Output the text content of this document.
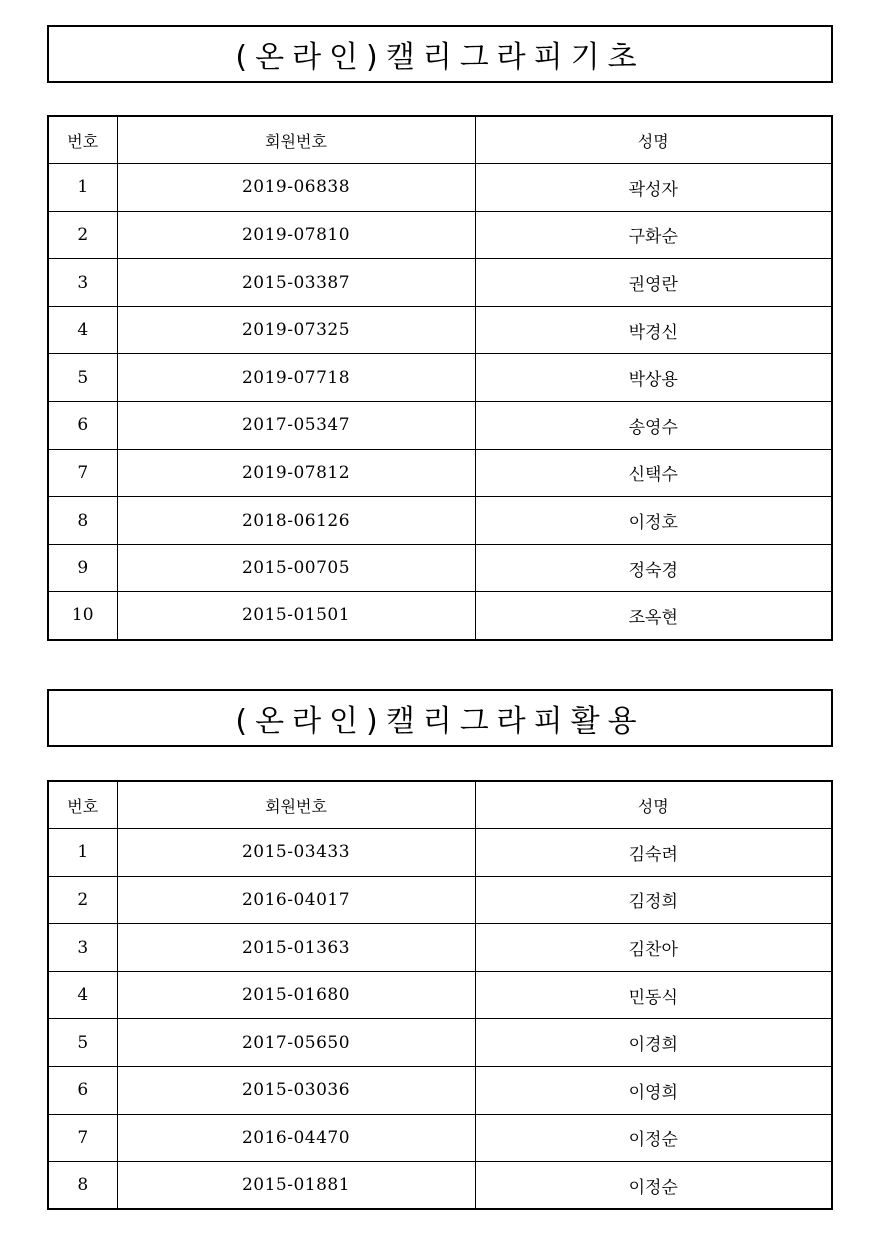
(온라인)캘리그라피기초
번호	회원번호	성명
1	2019-06838	곽성자
2	2019-07810	구화순
3	2015-03387	권영란
4	2019-07325	박경신
5	2019-07718	박상용
6	2017-05347	송영수
7	2019-07812	신택수
8	2018-06126	이정호
9	2015-00705	정숙경
10	2015-01501	조옥현
(온라인)캘리그라피활용
번호	회원번호	성명
1	2015-03433	김숙려
2	2016-04017	김정희
3	2015-01363	김찬아
4	2015-01680	민동식
5	2017-05650	이경희
6	2015-03036	이영희
7	2016-04470	이정순
8	2015-01881	이정순
